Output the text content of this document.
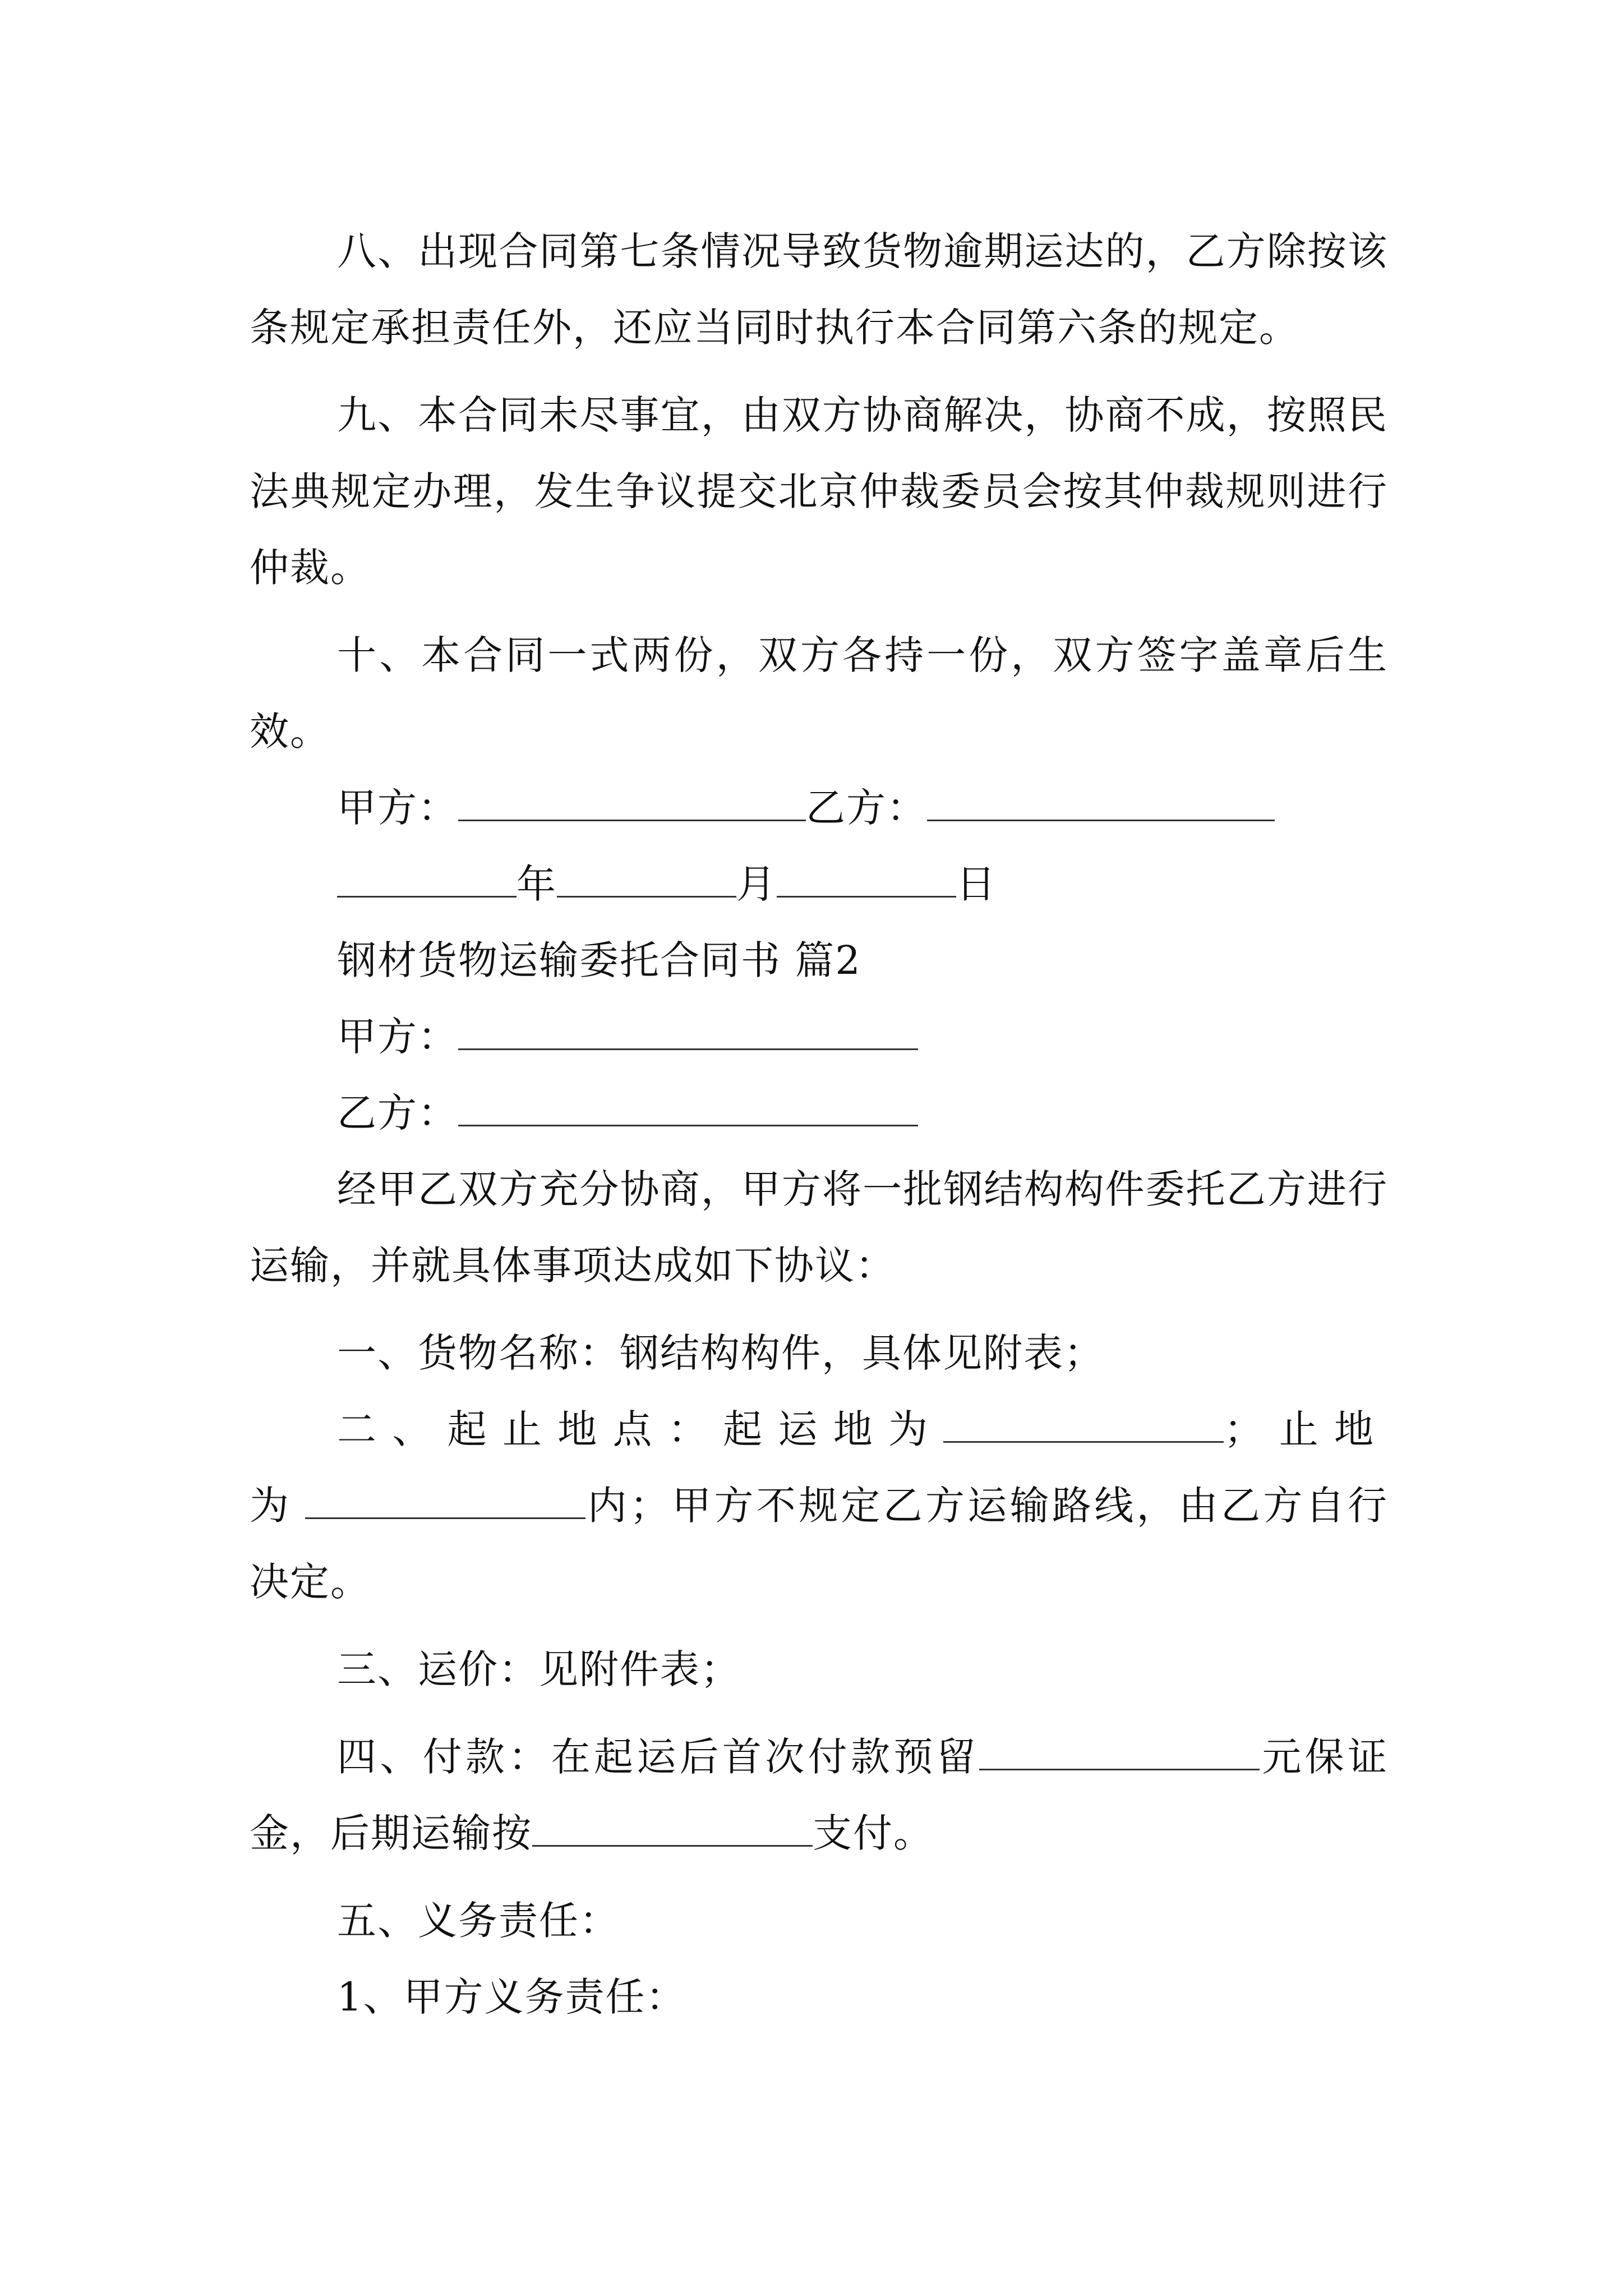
八、出现合同第七条情况导致货物逾期运达的，乙方除按该条规定承担责任外，还应当同时执行本合同第六条的规定。

九、本合同未尽事宜，由双方协商解决，协商不成，按照民法典规定办理，发生争议提交北京仲裁委员会按其仲裁规则进行仲裁。

十、本合同一式两份，双方各持一份，双方签字盖章后生效。

甲方：	乙方：

年	月	日

钢材货物运输委托合同书 篇2

甲方：

乙方：

经甲乙双方充分协商，甲方将一批钢结构构件委托乙方进行运输，并就具体事项达成如下协议：

一、货物名称：钢结构构件，具体见附表；

二、起止地点：起运地为	；止地为	内；甲方不规定乙方运输路线，由乙方自行决定。

三、运价：见附件表；

四、付款：在起运后首次付款预留	元保证金，后期运输按	支付。

五、义务责任：

1、甲方义务责任：
